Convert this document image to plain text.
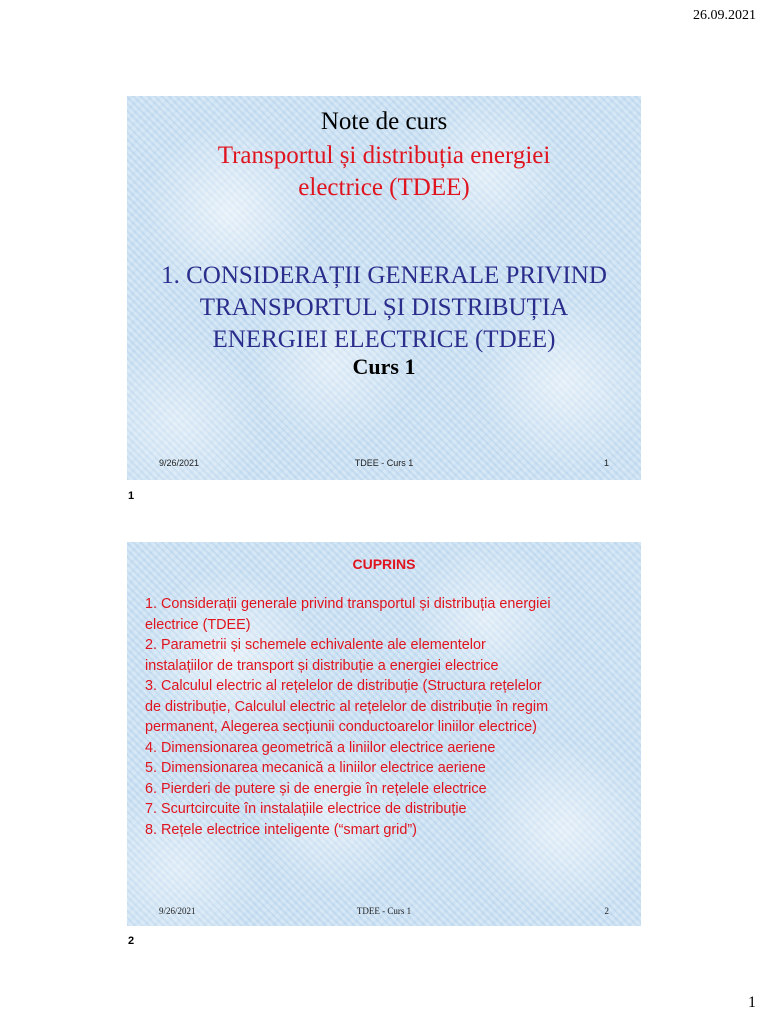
26.09.2021
Note de curs
Transportul și distribuția energiei
electrice (TDEE)
1. CONSIDERAȚII GENERALE PRIVIND
TRANSPORTUL ȘI DISTRIBUȚIA
ENERGIEI ELECTRICE (TDEE)
Curs 1
9/26/2021	TDEE - Curs 1	1
1
CUPRINS
1. Considerații generale privind transportul și distribuția energiei
electrice (TDEE)
2. Parametrii și schemele echivalente ale elementelor
instalațiilor de transport și distribuție a energiei electrice
3. Calculul electric al rețelelor de distribuție (Structura rețelelor
de distribuție, Calculul electric al rețelelor de distribuție în regim
permanent, Alegerea secțiunii conductoarelor liniilor electrice)
4. Dimensionarea geometrică a liniilor electrice aeriene
5. Dimensionarea mecanică a liniilor electrice aeriene
6. Pierderi de putere și de energie în rețelele electrice
7. Scurtcircuite în instalațiile electrice de distribuție
8. Rețele electrice inteligente (“smart grid”)
9/26/2021	TDEE - Curs 1	2
2
1
